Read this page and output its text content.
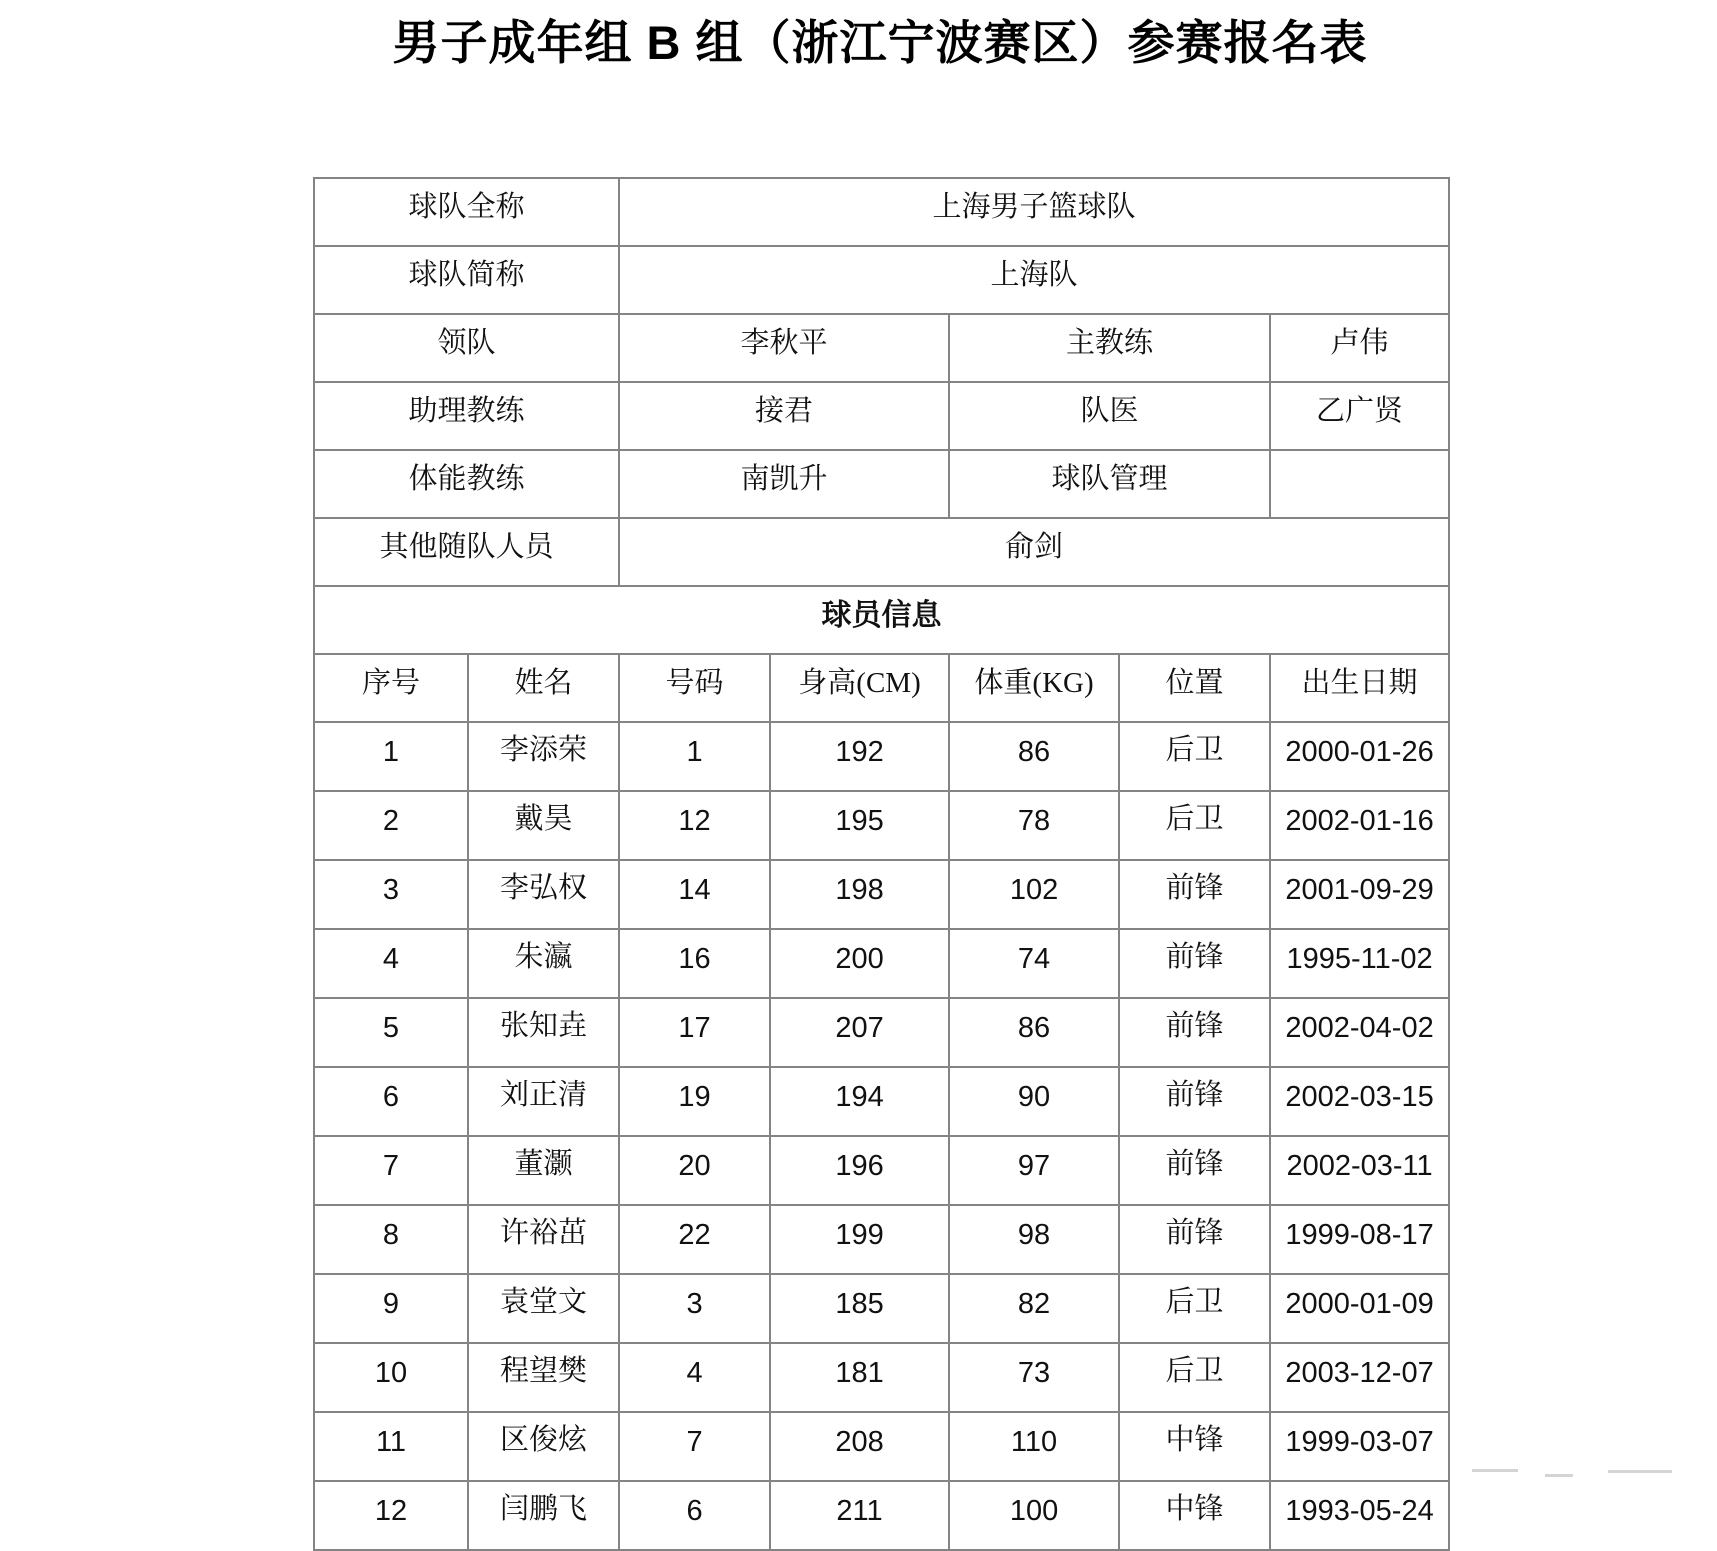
男子成年组 B 组（浙江宁波赛区）参赛报名表
球队全称		上海男子篮球队				
球队简称		上海队				
领队		李秋平		主教练		卢伟
助理教练		接君		队医		乙广贤
体能教练		南凯升		球队管理		
其他随队人员		俞剑				
球员信息						
序号	姓名	号码	身高(CM)	体重(KG)	位置	出生日期
1	李添荣	1	192	86	后卫	2000-01-26
2	戴昊	12	195	78	后卫	2002-01-16
3	李弘权	14	198	102	前锋	2001-09-29
4	朱瀛	16	200	74	前锋	1995-11-02
5	张知垚	17	207	86	前锋	2002-04-02
6	刘正清	19	194	90	前锋	2002-03-15
7	董灏	20	196	97	前锋	2002-03-11
8	许裕茁	22	199	98	前锋	1999-08-17
9	袁堂文	3	185	82	后卫	2000-01-09
10	程望樊	4	181	73	后卫	2003-12-07
11	区俊炫	7	208	110	中锋	1999-03-07
12	闫鹏飞	6	211	100	中锋	1993-05-24
